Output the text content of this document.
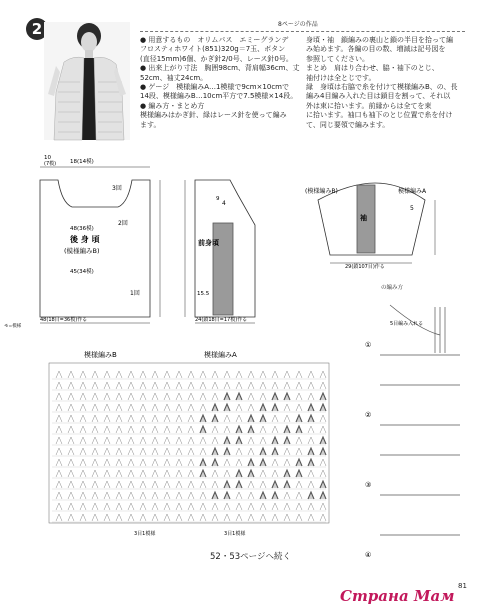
2	8ページの作品
● 用意するもの　オリムパス　エミーグランデ
フロスティホワイト(851)320g＝7玉、ボタン
(直径15mm)6個、かぎ針2/0号、レース針0号。
● 出来上がり寸法　胸囲98cm、背肩幅36cm、丈
52cm、袖丈24cm。
● ゲージ　模様編みA…1模様で9cm×10cmで
14段、模様編みB…10cm平方で7.5模様×14段。
● 編み方・まとめ方
模様編みはかぎ針、緑はレース針を使って編み
ます。
身頃・袖　鎖編みの裏山と鎖の半目を拾って編
み始めます。各編の目の数、増減は記号図を
参照してください。
まとめ　肩はり合わせ、脇・袖下のとじ、
袖付けは全とじです。
縁　身頃は右脇で糸を付けて模様編みB、の、長
編み4目編み入れた目は鎖目を割って、それ以
外は束に拾います。前縁からは全てを束
に拾います。袖口も袖下のとじ位置で糸を付け
て、同じ要領で編みます。
後 身 頃
(模様編みB)
10
18(14模)
(7模)
48(36模)
45(34模)
48(18目=36模)作る
3回
2回
1回
モ=模様
前身頃
9
24(鎖18目=17模)作る
15.5
4
(模様編みB)
袖
模様編みA
29(鎖107目)作る
5
模様編みB	模様編みA
3目1模様	3目1模様
の編み方
①
②
③
④
5目編み入れる
52・53ページへ続く
81
Страна Мам
